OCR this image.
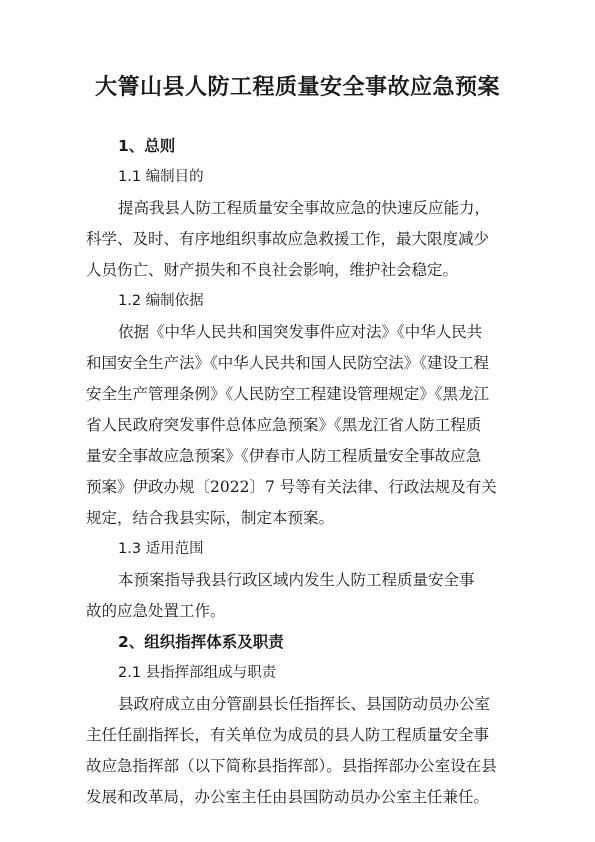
大箐山县人防工程质量安全事故应急预案
1、总则
1.1 编制目的
提高我县人防工程质量安全事故应急的快速反应能力，
科学、及时、有序地组织事故应急救援工作，最大限度减少
人员伤亡、财产损失和不良社会影响，维护社会稳定。
1.2 编制依据
依据《中华人民共和国突发事件应对法》《中华人民共
和国安全生产法》《中华人民共和国人民防空法》《建设工程
安全生产管理条例》《人民防空工程建设管理规定》《黑龙江
省人民政府突发事件总体应急预案》《黑龙江省人防工程质
量安全事故应急预案》《伊春市人防工程质量安全事故应急
预案》伊政办规〔2022〕7 号等有关法律、行政法规及有关
规定，结合我县实际，制定本预案。
1.3 适用范围
本预案指导我县行政区域内发生人防工程质量安全事
故的应急处置工作。
2、组织指挥体系及职责
2.1 县指挥部组成与职责
县政府成立由分管副县长任指挥长、县国防动员办公室
主任任副指挥长，有关单位为成员的县人防工程质量安全事
故应急指挥部（以下简称县指挥部）。县指挥部办公室设在县
发展和改革局，办公室主任由县国防动员办公室主任兼任。
